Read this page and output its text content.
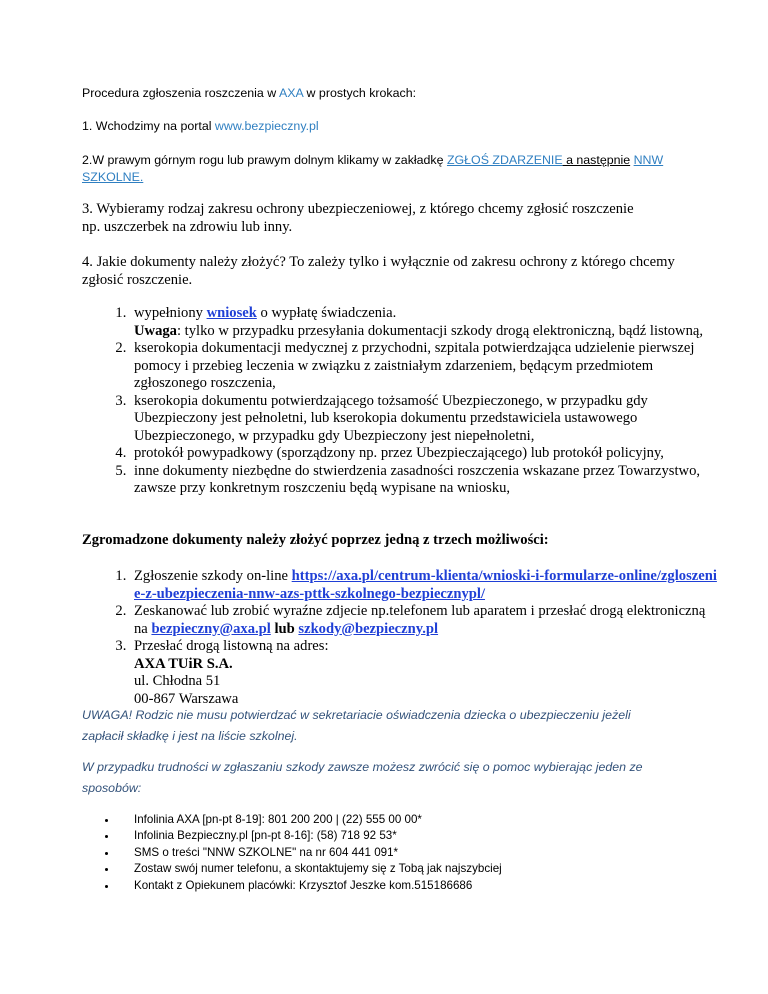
Procedura zgłoszenia roszczenia w AXA w prostych krokach:

1. Wchodzimy na portal www.bezpieczny.pl

2.W prawym górnym rogu lub prawym dolnym klikamy w zakładkę ZGŁOŚ ZDARZENIE a następnie NNW SZKOLNE.

3. Wybieramy rodzaj zakresu ochrony ubezpieczeniowej, z którego chcemy zgłosić roszczenie np. uszczerbek na zdrowiu lub inny.

4. Jakie dokumenty należy złożyć? To zależy tylko i wyłącznie od zakresu ochrony z którego chcemy zgłosić roszczenie.

1. wypełniony wniosek o wypłatę świadczenia.
Uwaga: tylko w przypadku przesyłania dokumentacji szkody drogą elektroniczną, bądź listowną,
2. kserokopia dokumentacji medycznej z przychodni, szpitala potwierdzająca udzielenie pierwszej pomocy i przebieg leczenia w związku z zaistniałym zdarzeniem, będącym przedmiotem zgłoszonego roszczenia,
3. kserokopia dokumentu potwierdzającego tożsamość Ubezpieczonego, w przypadku gdy Ubezpieczony jest pełnoletni, lub kserokopia dokumentu przedstawiciela ustawowego Ubezpieczonego, w przypadku gdy Ubezpieczony jest niepełnoletni,
4. protokół powypadkowy (sporządzony np. przez Ubezpieczającego) lub protokół policyjny,
5. inne dokumenty niezbędne do stwierdzenia zasadności roszczenia wskazane przez Towarzystwo, zawsze przy konkretnym roszczeniu będą wypisane na wniosku,

Zgromadzone dokumenty należy złożyć poprzez jedną z trzech możliwości:

1. Zgłoszenie szkody on-line https://axa.pl/centrum-klienta/wnioski-i-formularze-online/zgloszenie-z-ubezpieczenia-nnw-azs-pttk-szkolnego-bezpiecznypl/
2. Zeskanować lub zrobić wyraźne zdjecie np.telefonem lub aparatem i przesłać drogą elektroniczną na bezpieczny@axa.pl lub szkody@bezpieczny.pl
3. Przesłać drogą listowną na adres:
AXA TUiR S.A.
ul. Chłodna 51
00-867 Warszawa

UWAGA! Rodzic nie musu potwierdzać w sekretariacie oświadczenia dziecka o ubezpieczeniu jeżeli zapłacił składkę i jest na liście szkolnej.

W przypadku trudności w zgłaszaniu szkody zawsze możesz zwrócić się o pomoc wybierając jeden ze sposobów:

• Infolinia AXA [pn-pt 8-19]: 801 200 200 | (22) 555 00 00*
• Infolinia Bezpieczny.pl [pn-pt 8-16]: (58) 718 92 53*
• SMS o treści "NNW SZKOLNE" na nr 604 441 091*
• Zostaw swój numer telefonu, a skontaktujemy się z Tobą jak najszybciej
• Kontakt z Opiekunem placówki: Krzysztof Jeszke kom.515186686
